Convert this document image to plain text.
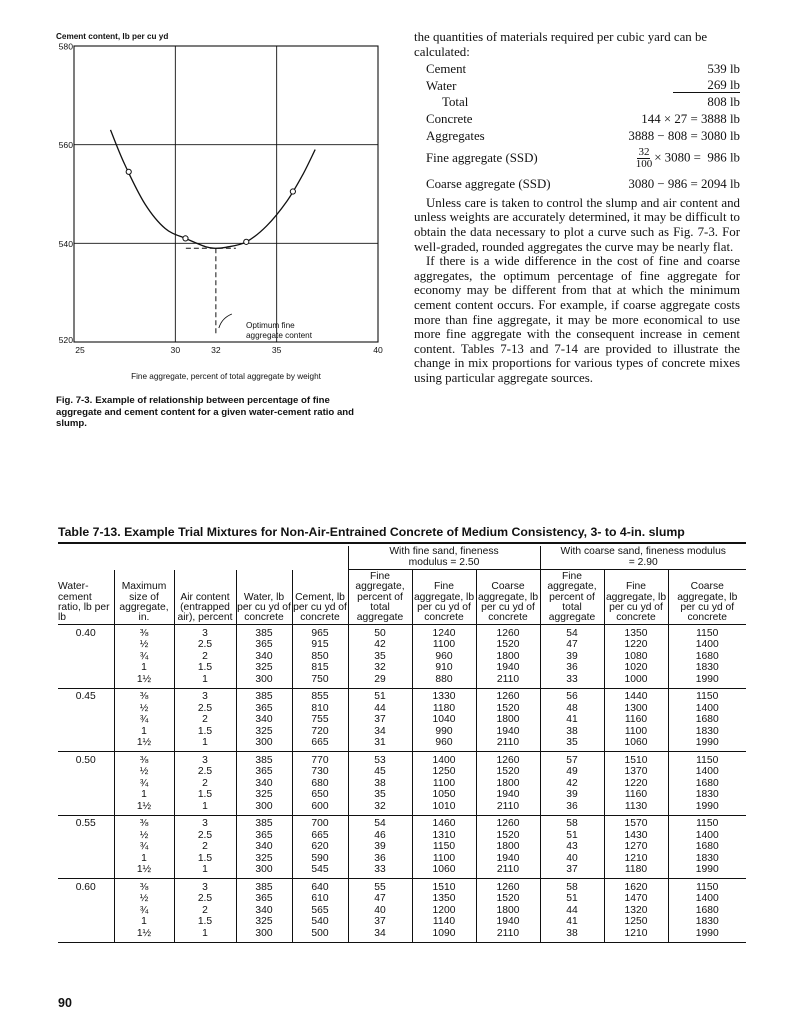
Cement content, lb per cu yd
520
540
560
580
25	30	32	35	40
Optimum fine
aggregate content
Fine aggregate, percent of total aggregate by weight
Fig. 7-3. Example of relationship between percentage of fine aggregate and cement content for a given water-cement ratio and slump.
the quantities of materials required per cubic yard can be calculated:
Cement	539 lb
Water	269 lb
Total	808 lb
Concrete	144 × 27 = 3888 lb
Aggregates	3888 − 808 = 3080 lb
Fine aggregate (SSD)	$\frac{32}{100} \times 3080 = 986$ lb
Coarse aggregate (SSD)	3080 − 986 = 2094 lb

Unless care is taken to control the slump and air content and unless weights are accurately determined, it may be difficult to obtain the data necessary to plot a curve such as Fig. 7-3. For well-graded, rounded aggregates the curve may be nearly flat.

If there is a wide difference in the cost of fine and coarse aggregates, the optimum percentage of fine aggregate for economy may be different from that at which the minimum cement content occurs. For example, if coarse aggregate costs more than fine aggregate, it may be more economical to use more fine aggregate with the consequent increase in cement content. Tables 7-13 and 7-14 are provided to illustrate the change in mix proportions for various types of concrete mixes using particular aggregate sources.

Table 7-13. Example Trial Mixtures for Non-Air-Entrained Concrete of Medium Consistency, 3- to 4-in. slump

					With fine sand, fineness modulus = 2.50			With coarse sand, fineness modulus = 2.90		

Water-cement ratio, lb per lb	Maximum size of aggregate, in.	Air content (entrapped air), percent	Water, lb per cu yd of concrete	Cement, lb per cu yd of concrete	Fine aggregate, percent of total aggregate	Fine aggregate, lb per cu yd of concrete	Coarse aggregate, lb per cu yd of concrete	Fine aggregate, percent of total aggregate	Fine aggregate, lb per cu yd of concrete	Coarse aggregate, lb per cu yd of concrete
0.40	⅜	3	385	965	50	1240	1260	54	1350	1150
	½	2.5	365	915	42	1100	1520	47	1220	1400
	¾	2	340	850	35	960	1800	39	1080	1680
	1	1.5	325	815	32	910	1940	36	1020	1830
	1½	1	300	750	29	880	2110	33	1000	1990
0.45	⅜	3	385	855	51	1330	1260	56	1440	1150
	½	2.5	365	810	44	1180	1520	48	1300	1400
	¾	2	340	755	37	1040	1800	41	1160	1680
	1	1.5	325	720	34	990	1940	38	1100	1830
	1½	1	300	665	31	960	2110	35	1060	1990
0.50	⅜	3	385	770	53	1400	1260	57	1510	1150
	½	2.5	365	730	45	1250	1520	49	1370	1400
	¾	2	340	680	38	1100	1800	42	1220	1680
	1	1.5	325	650	35	1050	1940	39	1160	1830
	1½	1	300	600	32	1010	2110	36	1130	1990
0.55	⅜	3	385	700	54	1460	1260	58	1570	1150
	½	2.5	365	665	46	1310	1520	51	1430	1400
	¾	2	340	620	39	1150	1800	43	1270	1680
	1	1.5	325	590	36	1100	1940	40	1210	1830
	1½	1	300	545	33	1060	2110	37	1180	1990
0.60	⅜	3	385	640	55	1510	1260	58	1620	1150
	½	2.5	365	610	47	1350	1520	51	1470	1400
	¾	2	340	565	40	1200	1800	44	1320	1680
	1	1.5	325	540	37	1140	1940	41	1250	1830
	1½	1	300	500	34	1090	2110	38	1210	1990
90
